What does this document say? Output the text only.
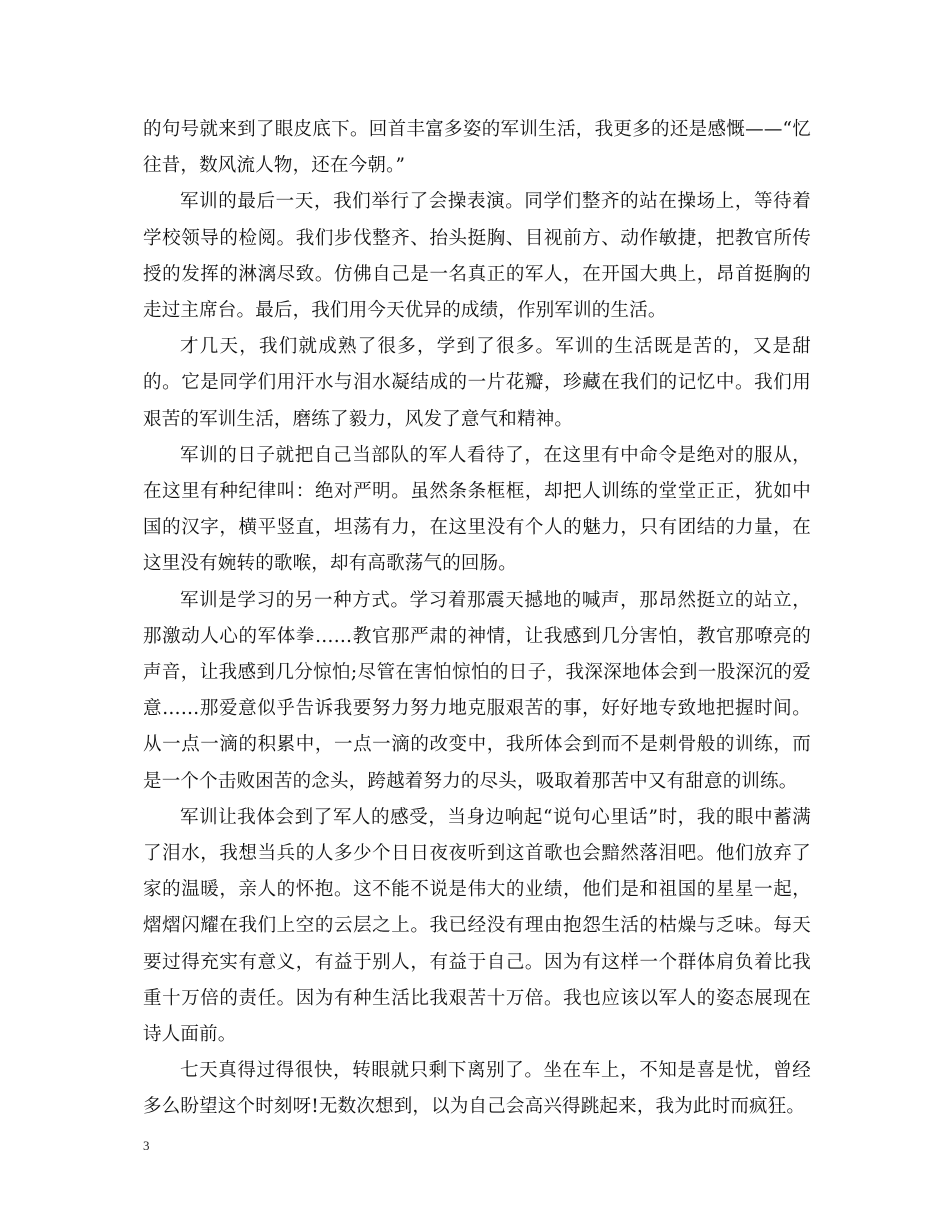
的句号就来到了眼皮底下。回首丰富多姿的军训生活，我更多的还是感慨——“忆往昔，数风流人物，还在今朝。”

军训的最后一天，我们举行了会操表演。同学们整齐的站在操场上，等待着学校领导的检阅。我们步伐整齐、抬头挺胸、目视前方、动作敏捷，把教官所传授的发挥的淋漓尽致。仿佛自己是一名真正的军人，在开国大典上，昂首挺胸的走过主席台。最后，我们用今天优异的成绩，作别军训的生活。

才几天，我们就成熟了很多，学到了很多。军训的生活既是苦的，又是甜的。它是同学们用汗水与泪水凝结成的一片花瓣，珍藏在我们的记忆中。我们用艰苦的军训生活，磨练了毅力，风发了意气和精神。

军训的日子就把自己当部队的军人看待了，在这里有中命令是绝对的服从，在这里有种纪律叫：绝对严明。虽然条条框框，却把人训练的堂堂正正，犹如中国的汉字，横平竖直，坦荡有力，在这里没有个人的魅力，只有团结的力量，在这里没有婉转的歌喉，却有高歌荡气的回肠。

军训是学习的另一种方式。学习着那震天撼地的喊声，那昂然挺立的站立，那激动人心的军体拳……教官那严肃的神情，让我感到几分害怕，教官那嘹亮的声音，让我感到几分惊怕;尽管在害怕惊怕的日子，我深深地体会到一股深沉的爱意……那爱意似乎告诉我要努力努力地克服艰苦的事，好好地专致地把握时间。从一点一滴的积累中，一点一滴的改变中，我所体会到而不是刺骨般的训练，而是一个个击败困苦的念头，跨越着努力的尽头，吸取着那苦中又有甜意的训练。

军训让我体会到了军人的感受，当身边响起“说句心里话”时，我的眼中蓄满了泪水，我想当兵的人多少个日日夜夜听到这首歌也会黯然落泪吧。他们放弃了家的温暖，亲人的怀抱。这不能不说是伟大的业绩，他们是和祖国的星星一起，熠熠闪耀在我们上空的云层之上。我已经没有理由抱怨生活的枯燥与乏味。每天要过得充实有意义，有益于别人，有益于自己。因为有这样一个群体肩负着比我重十万倍的责任。因为有种生活比我艰苦十万倍。我也应该以军人的姿态展现在诗人面前。

七天真得过得很快，转眼就只剩下离别了。坐在车上，不知是喜是忧，曾经多么盼望这个时刻呀!无数次想到，以为自己会高兴得跳起来，我为此时而疯狂。

3
